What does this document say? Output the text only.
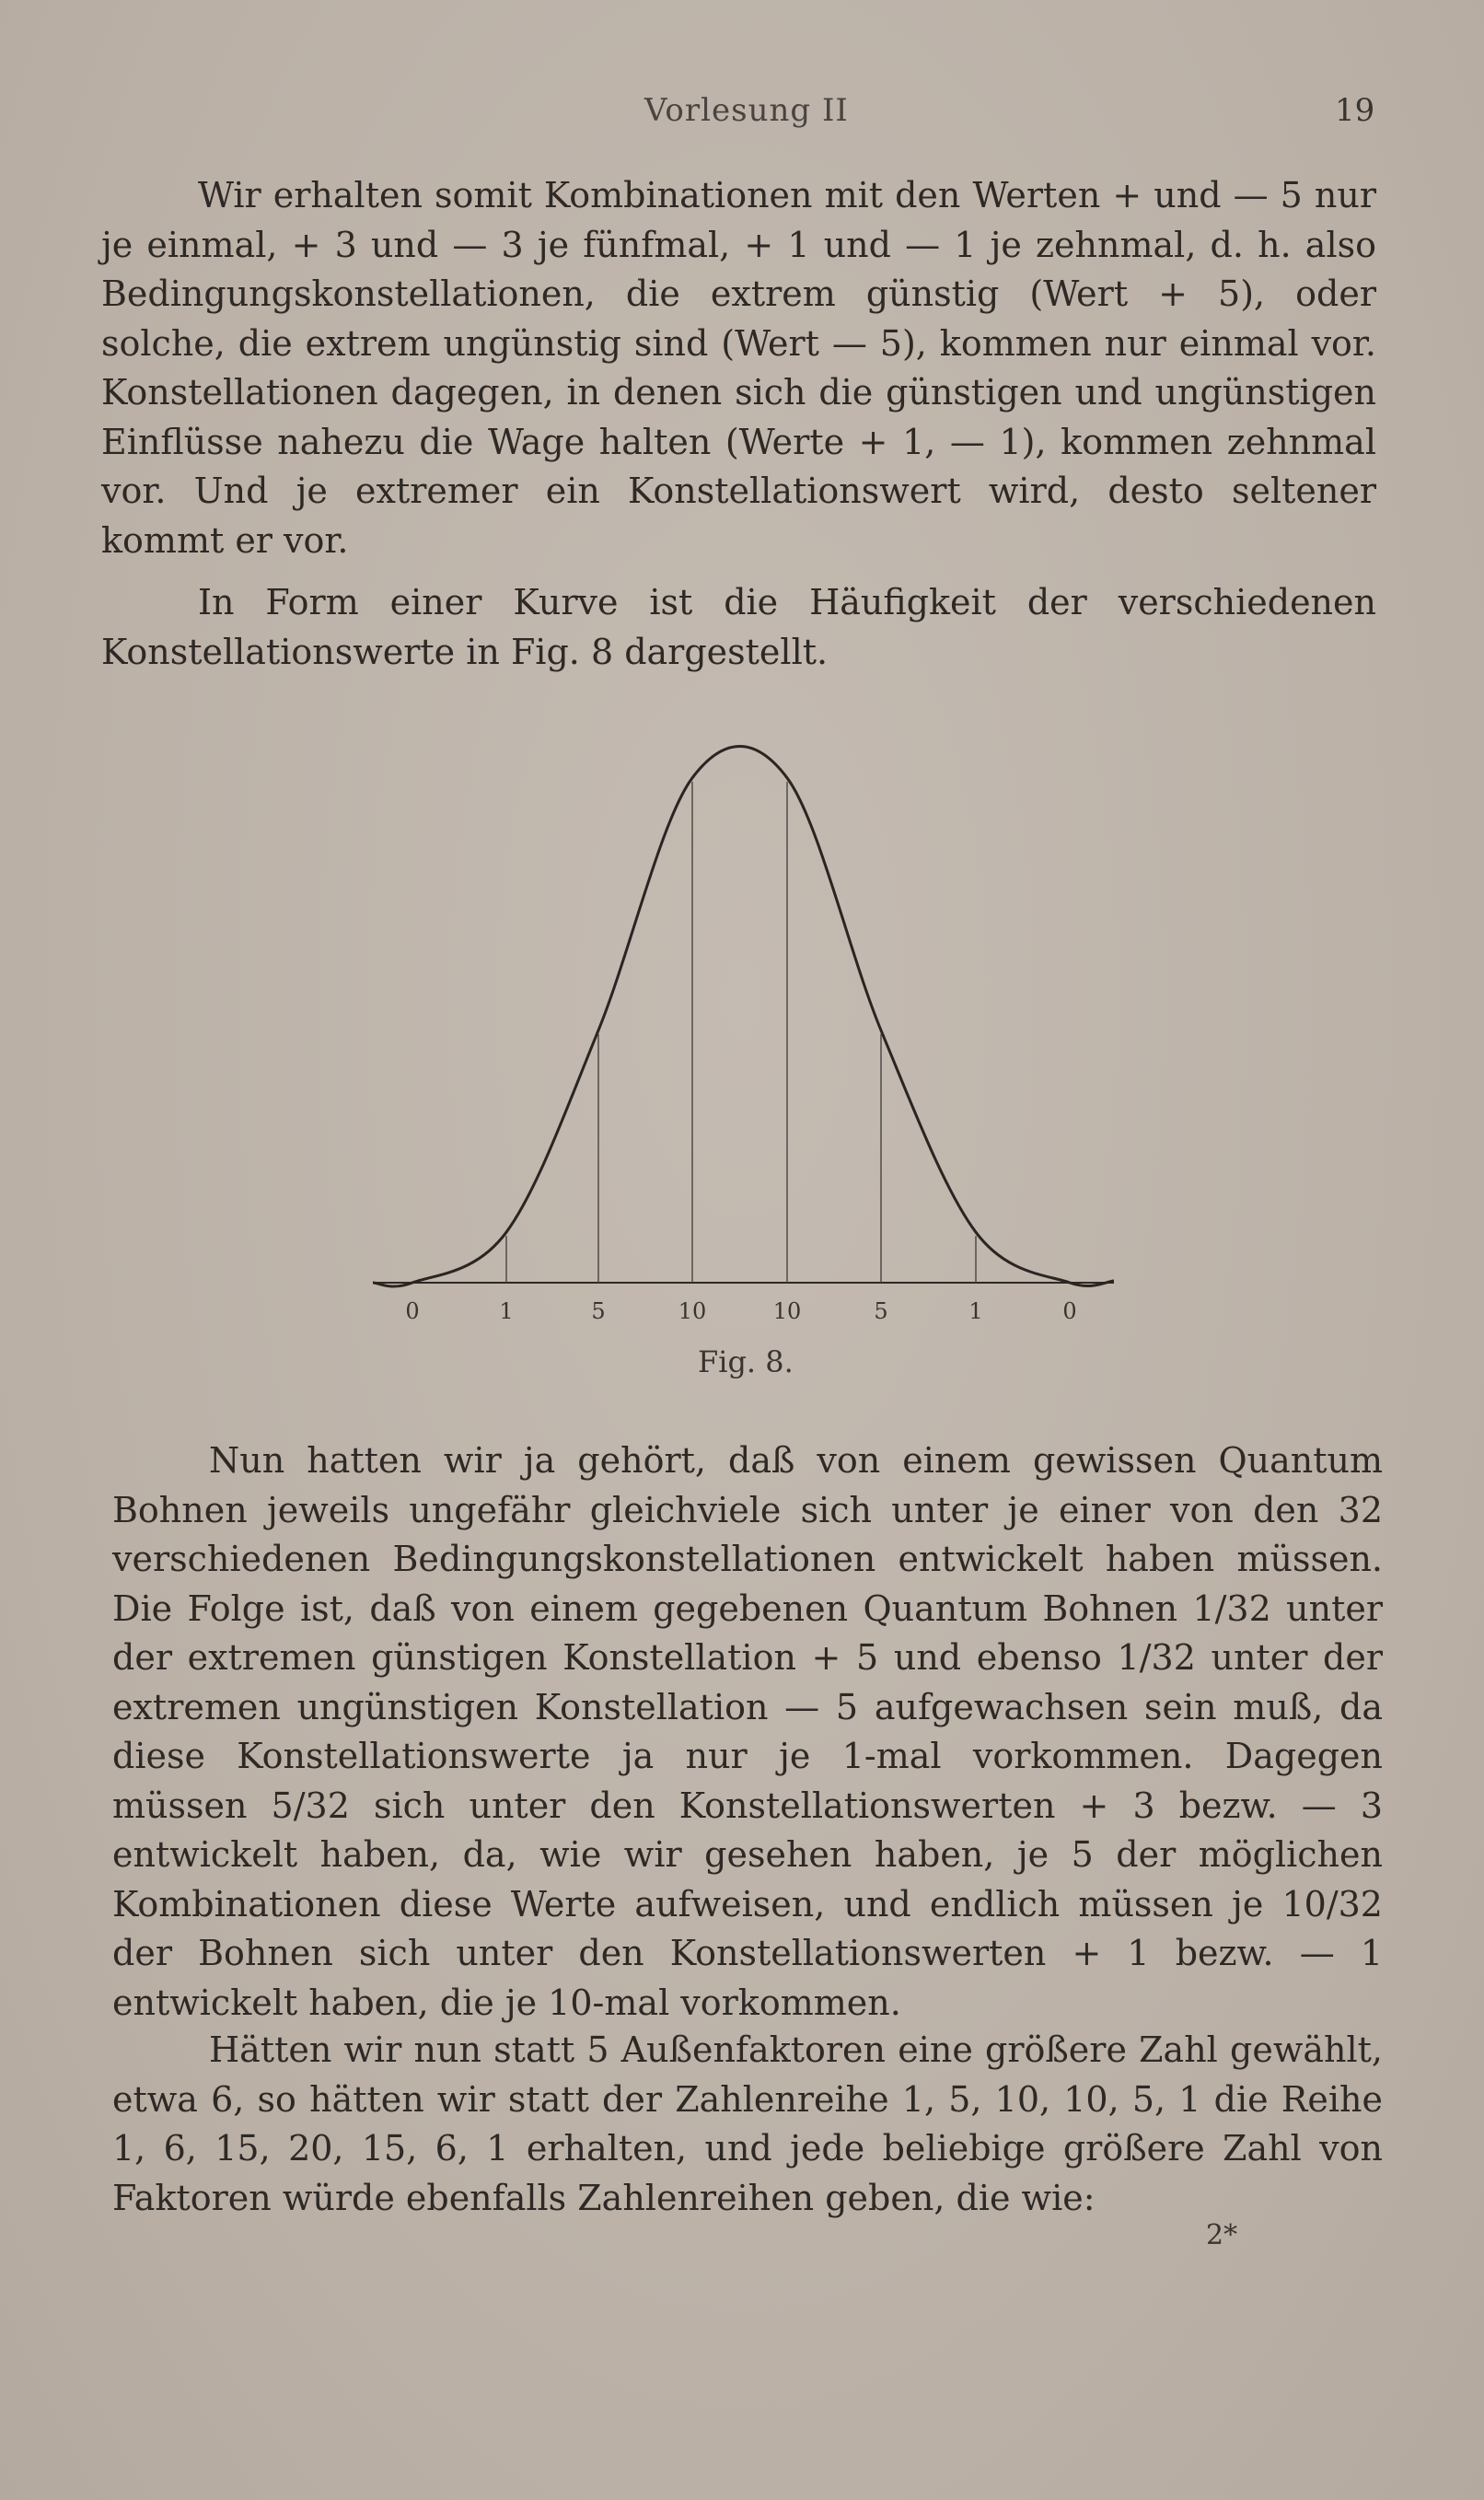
Vorlesung II	19
Wir erhalten somit Kombinationen mit den Werten + und — 5 nur je einmal, + 3 und — 3 je fünfmal, + 1 und — 1 je zehnmal, d. h. also Bedingungskonstellationen, die extrem günstig (Wert + 5), oder solche, die extrem ungünstig sind (Wert — 5), kommen nur einmal vor. Konstellationen dagegen, in denen sich die günstigen und ungünstigen Einflüsse nahezu die Wage halten (Werte + 1, — 1), kommen zehnmal vor. Und je extremer ein Konstellationswert wird, desto seltener kommt er vor.
In Form einer Kurve ist die Häufigkeit der verschiedenen Konstellationswerte in Fig. 8 dargestellt.
Fig. 8.
0	1	5	10	10	5	1	0
Nun hatten wir ja gehört, daß von einem gewissen Quantum Bohnen jeweils ungefähr gleichviele sich unter je einer von den 32 verschiedenen Bedingungskonstellationen entwickelt haben müssen. Die Folge ist, daß von einem gegebenen Quantum Bohnen 1/32 unter der extremen günstigen Konstellation + 5 und ebenso 1/32 unter der extremen ungünstigen Konstellation — 5 aufgewachsen sein muß, da diese Konstellationswerte ja nur je 1-mal vorkommen. Dagegen müssen 5/32 sich unter den Konstellationswerten + 3 bezw. — 3 entwickelt haben, da, wie wir gesehen haben, je 5 der möglichen Kombinationen diese Werte aufweisen, und endlich müssen je 10/32 der Bohnen sich unter den Konstellationswerten + 1 bezw. — 1 entwickelt haben, die je 10-mal vorkommen.
Hätten wir nun statt 5 Außenfaktoren eine größere Zahl gewählt, etwa 6, so hätten wir statt der Zahlenreihe 1, 5, 10, 10, 5, 1 die Reihe 1, 6, 15, 20, 15, 6, 1 erhalten, und jede beliebige größere Zahl von Faktoren würde ebenfalls Zahlenreihen geben, die wie:
2*
